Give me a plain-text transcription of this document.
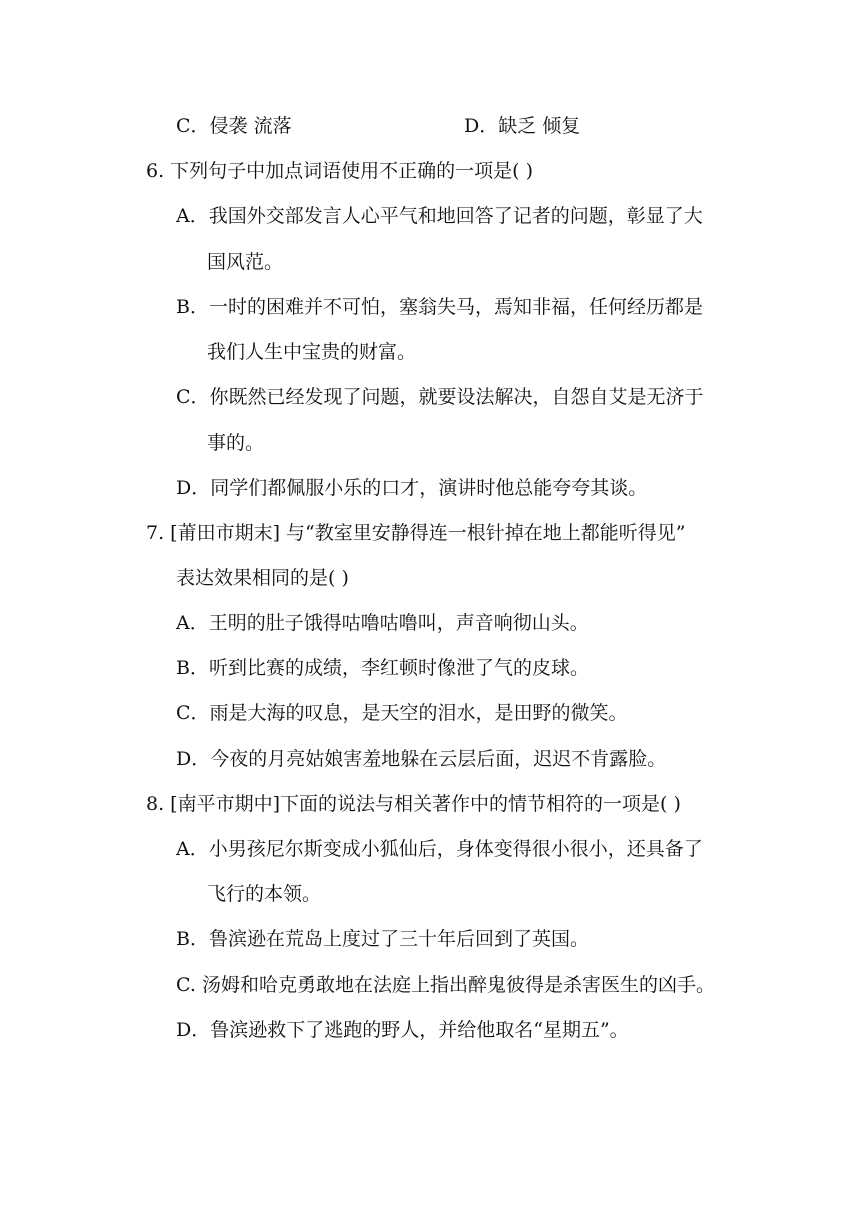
C．侵袭 流落	D．缺乏 倾复
6. 下列句子中加点词语使用不正确的一项是( )
A．我国外交部发言人心平气和地回答了记者的问题，彰显了大
国风范。
B．一时的困难并不可怕，塞翁失马，焉知非福，任何经历都是
我们人生中宝贵的财富。
C．你既然已经发现了问题，就要设法解决，自怨自艾是无济于
事的。
D．同学们都佩服小乐的口才，演讲时他总能夸夸其谈。
7. [莆田市期末] 与“教室里安静得连一根针掉在地上都能听得见”
表达效果相同的是( )
A．王明的肚子饿得咕噜咕噜叫，声音响彻山头。
B．听到比赛的成绩，李红顿时像泄了气的皮球。
C．雨是大海的叹息，是天空的泪水，是田野的微笑。
D．今夜的月亮姑娘害羞地躲在云层后面，迟迟不肯露脸。
8. [南平市期中]下面的说法与相关著作中的情节相符的一项是( )
A．小男孩尼尔斯变成小狐仙后，身体变得很小很小，还具备了
飞行的本领。
B．鲁滨逊在荒岛上度过了三十年后回到了英国。
C. 汤姆和哈克勇敢地在法庭上指出醉鬼彼得是杀害医生的凶手。
D．鲁滨逊救下了逃跑的野人，并给他取名“星期五”。
